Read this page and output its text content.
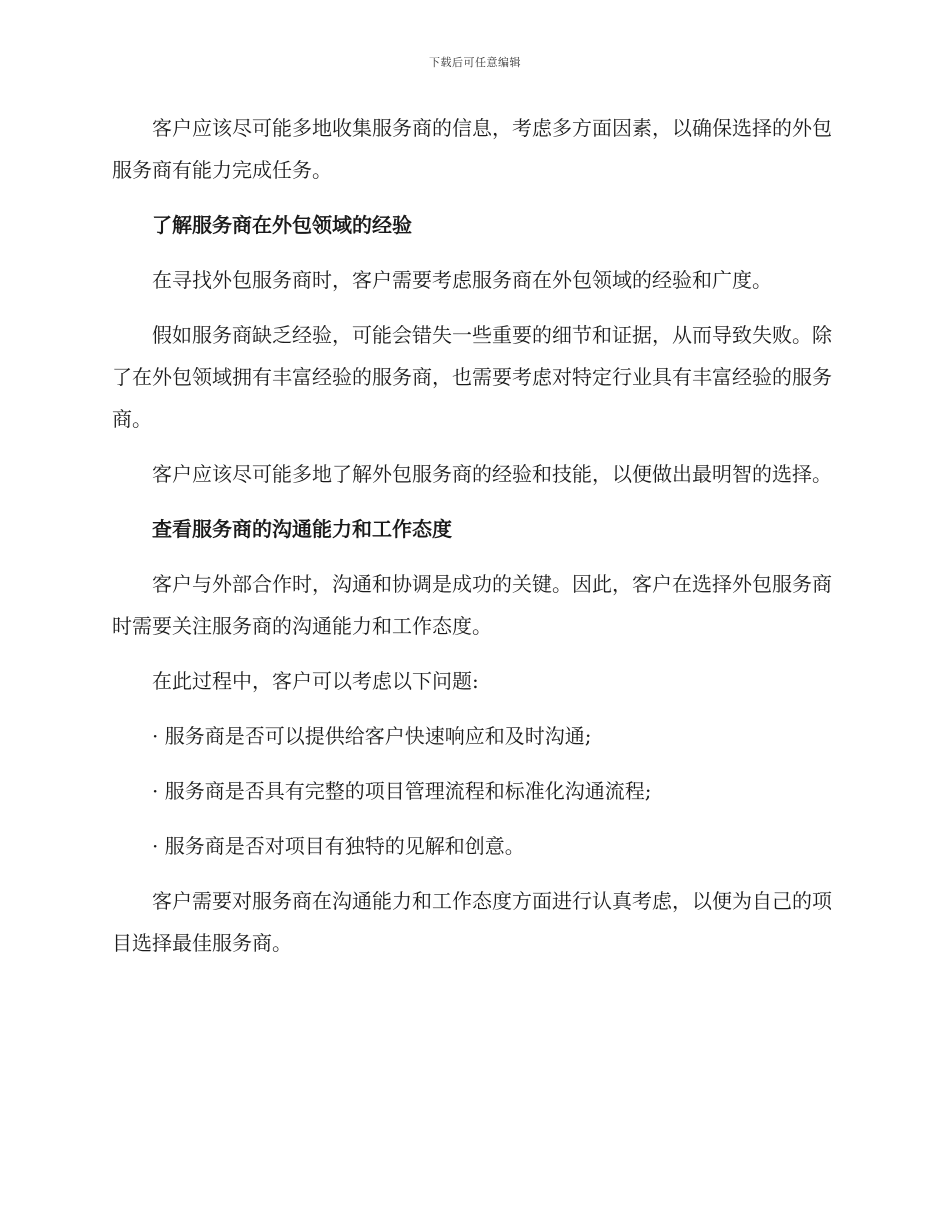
下载后可任意编辑

客户应该尽可能多地收集服务商的信息，考虑多方面因素，以确保选择的外包服务商有能力完成任务。

了解服务商在外包领域的经验

在寻找外包服务商时，客户需要考虑服务商在外包领域的经验和广度。

假如服务商缺乏经验，可能会错失一些重要的细节和证据，从而导致失败。除了在外包领域拥有丰富经验的服务商，也需要考虑对特定行业具有丰富经验的服务商。

客户应该尽可能多地了解外包服务商的经验和技能，以便做出最明智的选择。

查看服务商的沟通能力和工作态度

客户与外部合作时，沟通和协调是成功的关键。因此，客户在选择外包服务商时需要关注服务商的沟通能力和工作态度。

在此过程中，客户可以考虑以下问题:

· 服务商是否可以提供给客户快速响应和及时沟通;

· 服务商是否具有完整的项目管理流程和标准化沟通流程;

· 服务商是否对项目有独特的见解和创意。

客户需要对服务商在沟通能力和工作态度方面进行认真考虑，以便为自己的项目选择最佳服务商。
